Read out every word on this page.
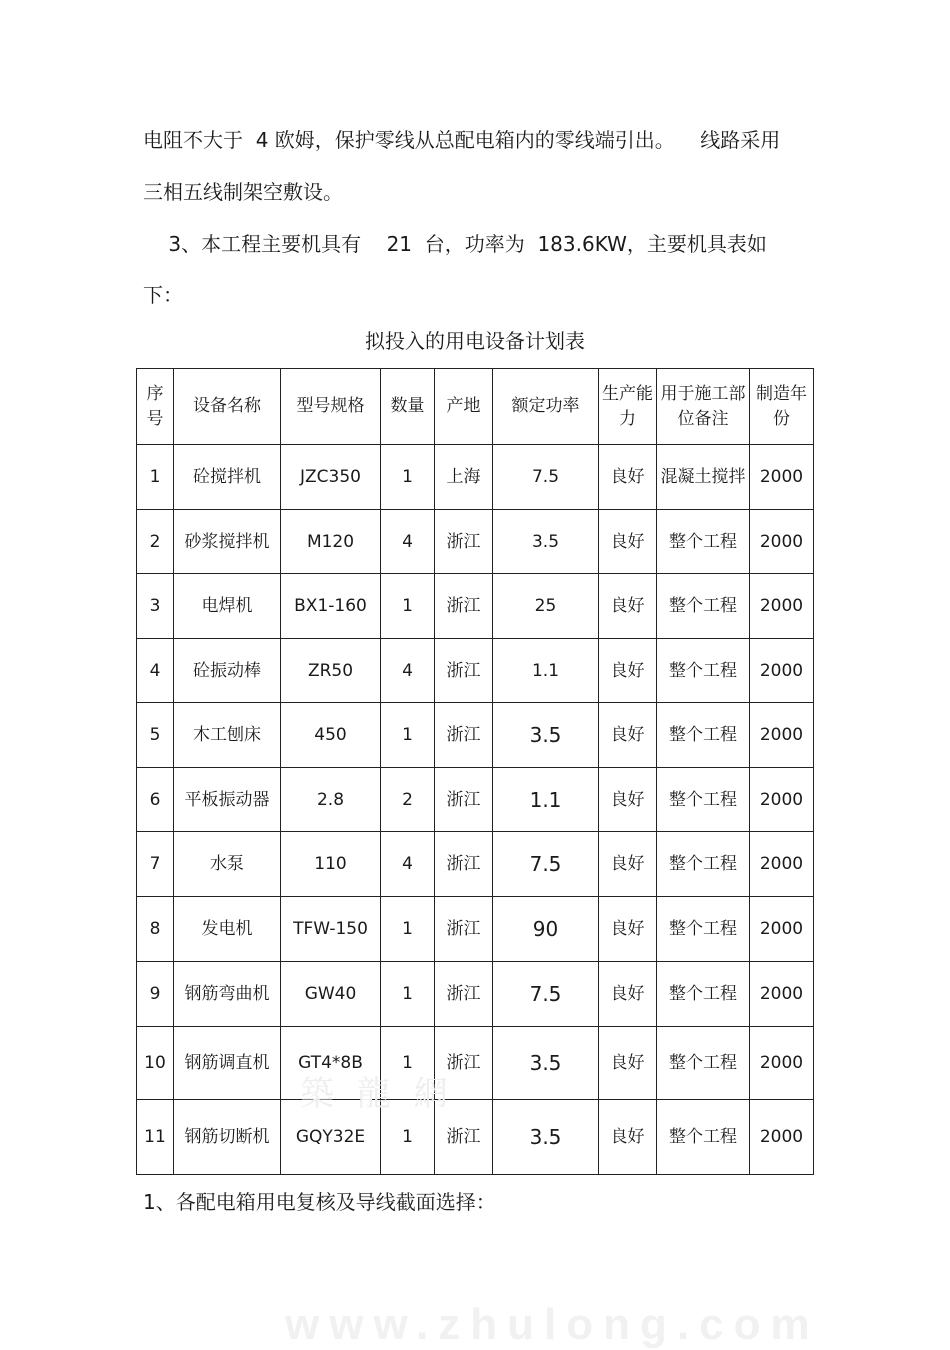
电阻不大于  4 欧姆，保护零线从总配电箱内的零线端引出。    线路采用
三相五线制架空敷设。
3、本工程主要机具有    21  台，功率为  183.6KW，主要机具表如
下：
拟投入的用电设备计划表
序号	设备名称	型号规格	数量	产地	额定功率	生产能力	用于施工部位备注	制造年份
1	砼搅拌机	JZC350	1	上海	7.5	良好	混凝土搅拌	2000
2	砂浆搅拌机	M120	4	浙江	3.5	良好	整个工程	2000
3	电焊机	BX1-160	1	浙江	25	良好	整个工程	2000
4	砼振动棒	ZR50	4	浙江	1.1	良好	整个工程	2000
5	木工刨床	450	1	浙江	3.5	良好	整个工程	2000
6	平板振动器	2.8	2	浙江	1.1	良好	整个工程	2000
7	水泵	110	4	浙江	7.5	良好	整个工程	2000
8	发电机	TFW-150	1	浙江	90	良好	整个工程	2000
9	钢筋弯曲机	GW40	1	浙江	7.5	良好	整个工程	2000
10	钢筋调直机	GT4*8B	1	浙江	3.5	良好	整个工程	2000
11	钢筋切断机	GQY32E	1	浙江	3.5	良好	整个工程	2000
1、各配电箱用电复核及导线截面选择：
築 龍 網
www.zhulong.com
